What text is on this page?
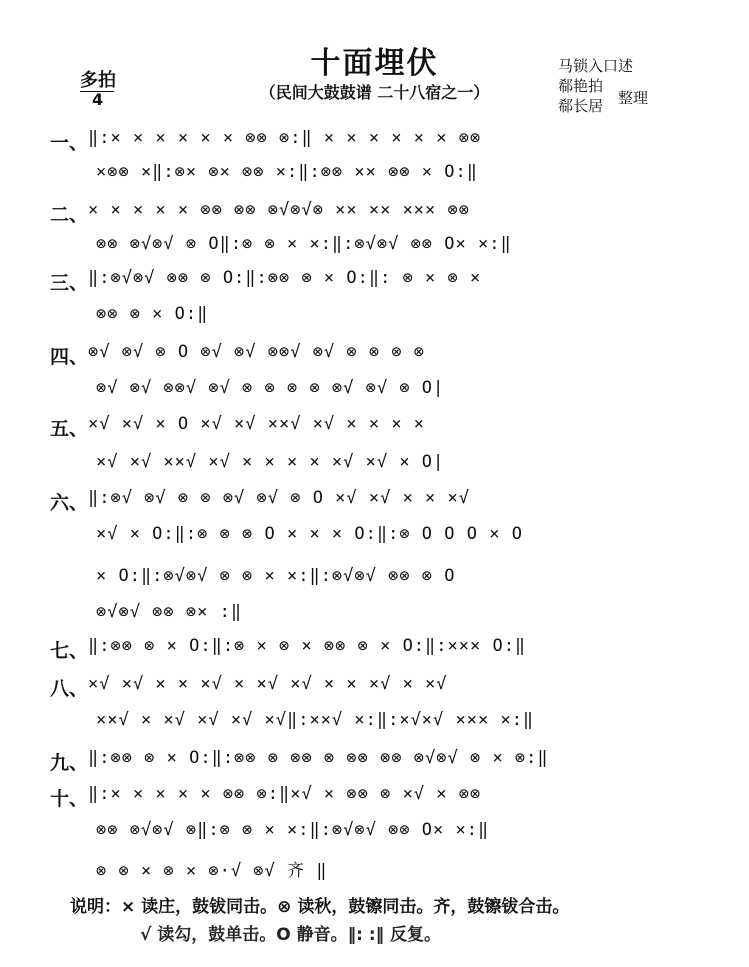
十面埋伏
（民间大鼓鼓谱 二十八宿之一）
马锁入口述
郗艳拍
郗长居 整理
多拍
4
一、 ‖:× × × × × × ⊗⊗ ⊗:‖ × × × × × × ⊗⊗
×⊗⊗ ×‖:⊗× ⊗× ⊗⊗ ×:‖:⊗⊗ ×× ⊗⊗ × O:‖
二、 × × × × × ⊗⊗ ⊗⊗ ⊗√⊗√⊗ ×× ×× ××× ⊗⊗
⊗⊗ ⊗√⊗√ ⊗ O‖:⊗ ⊗ × ×:‖:⊗√⊗√ ⊗⊗ O× ×:‖
三、 ‖:⊗√⊗√ ⊗⊗ ⊗ O:‖:⊗⊗ ⊗ × O:‖: ⊗ × ⊗ ×
⊗⊗ ⊗ × O:‖
四、 ⊗√ ⊗√ ⊗ O ⊗√ ⊗√ ⊗⊗√ ⊗√ ⊗ ⊗ ⊗ ⊗
⊗√ ⊗√ ⊗⊗√ ⊗√ ⊗ ⊗ ⊗ ⊗ ⊗√ ⊗√ ⊗ O|
五、 ×√ ×√ × O ×√ ×√ ××√ ×√ × × × ×
×√ ×√ ××√ ×√ × × × × ×√ ×√ × O|
六、 ‖:⊗√ ⊗√ ⊗ ⊗ ⊗√ ⊗√ ⊗ O ×√ ×√ × × ×√
×√ × O:‖:⊗ ⊗ ⊗ O × × × O:‖:⊗ O O O × O
× O:‖:⊗√⊗√ ⊗ ⊗ × ×:‖:⊗√⊗√ ⊗⊗ ⊗ O
⊗√⊗√ ⊗⊗ ⊗× :‖
七、 ‖:⊗⊗ ⊗ × O:‖:⊗ × ⊗ × ⊗⊗ ⊗ × O:‖:××× O:‖
八、 ×√ ×√ × × ×√ × ×√ ×√ × × ×√ × ×√
××√ × ×√ ×√ ×√ ×√‖:××√ ×:‖:×√×√ ××× ×:‖
九、 ‖:⊗⊗ ⊗ × O:‖:⊗⊗ ⊗ ⊗⊗ ⊗ ⊗⊗ ⊗⊗ ⊗√⊗√ ⊗ × ⊗:‖
十、 ‖:× × × × × ⊗⊗ ⊗:‖×√ × ⊗⊗ ⊗ ×√ × ⊗⊗
⊗⊗ ⊗√⊗√ ⊗‖:⊗ ⊗ × ×:‖:⊗√⊗√ ⊗⊗ O× ×:‖
⊗ ⊗ × ⊗ × ⊗·√ ⊗√ 齐 ‖
说明：× 读庄，鼓钹同击。⊗ 读秋，鼓镲同击。齐，鼓镲钹合击。
√ 读勾，鼓单击。O 静音。‖: :‖ 反复。
